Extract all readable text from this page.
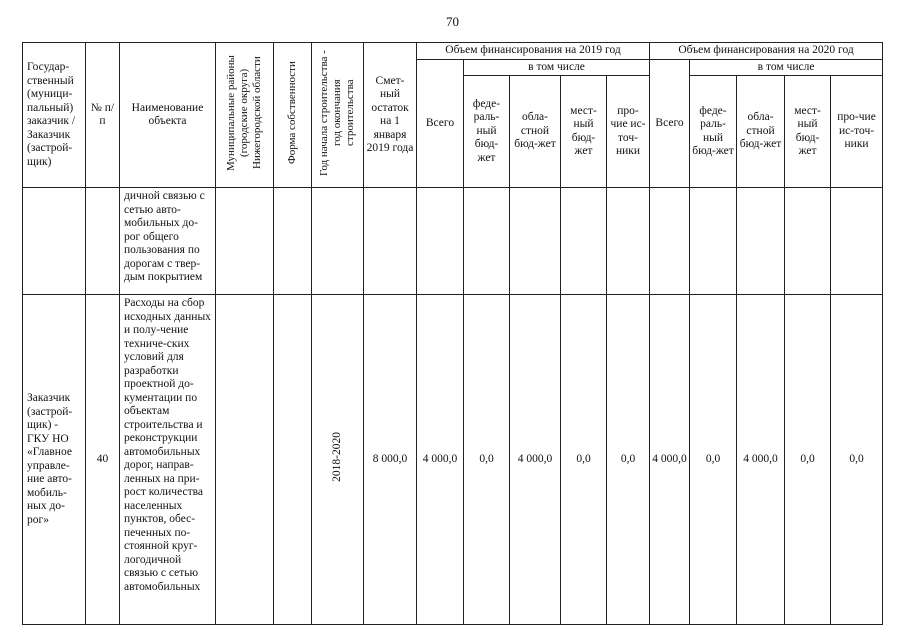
70
Государ-ственный (муници-пальный) заказчик / Заказчик (застрой-щик)	№ п/п	Наименование объекта	Муниципальные районы (городские округа) Нижегородской области	Форма собственности	Год начала строительства - год окончания строительства	Смет-ный остаток на 1 января 2019 года	Объем финансирования на 2019 год					Объем финансирования на 2020 год				
							Всего	в том числе				Всего	в том числе			
								феде-раль-ный бюд-жет	обла-стной бюд-жет	мест-ный бюд-жет	про-чие ис-точ-ники		феде-раль-ный бюд-жет	обла-стной бюд-жет	мест-ный бюд-жет	про-чие ис-точ-ники
		дичной связью с сетью авто-мобильных до-рог общего пользования по дорогам с твер-дым покрытием														
Заказчик (застрой-щик) - ГКУ НО «Главное управле-ние авто-мобиль-ных до-рог»	40	Расходы на сбор исходных данных и полу-чение техниче-ских условий для разработки проектной до-кументации по объектам строительства и реконструкции автомобильных дорог, направ-ленных на при-рост количества населенных пунктов, обес-печенных по-стоянной круг-логодичной связью с сетью автомобильных			2018-2020	8 000,0	4 000,0	0,0	4 000,0	0,0	0,0	4 000,0	0,0	4 000,0	0,0	0,0
